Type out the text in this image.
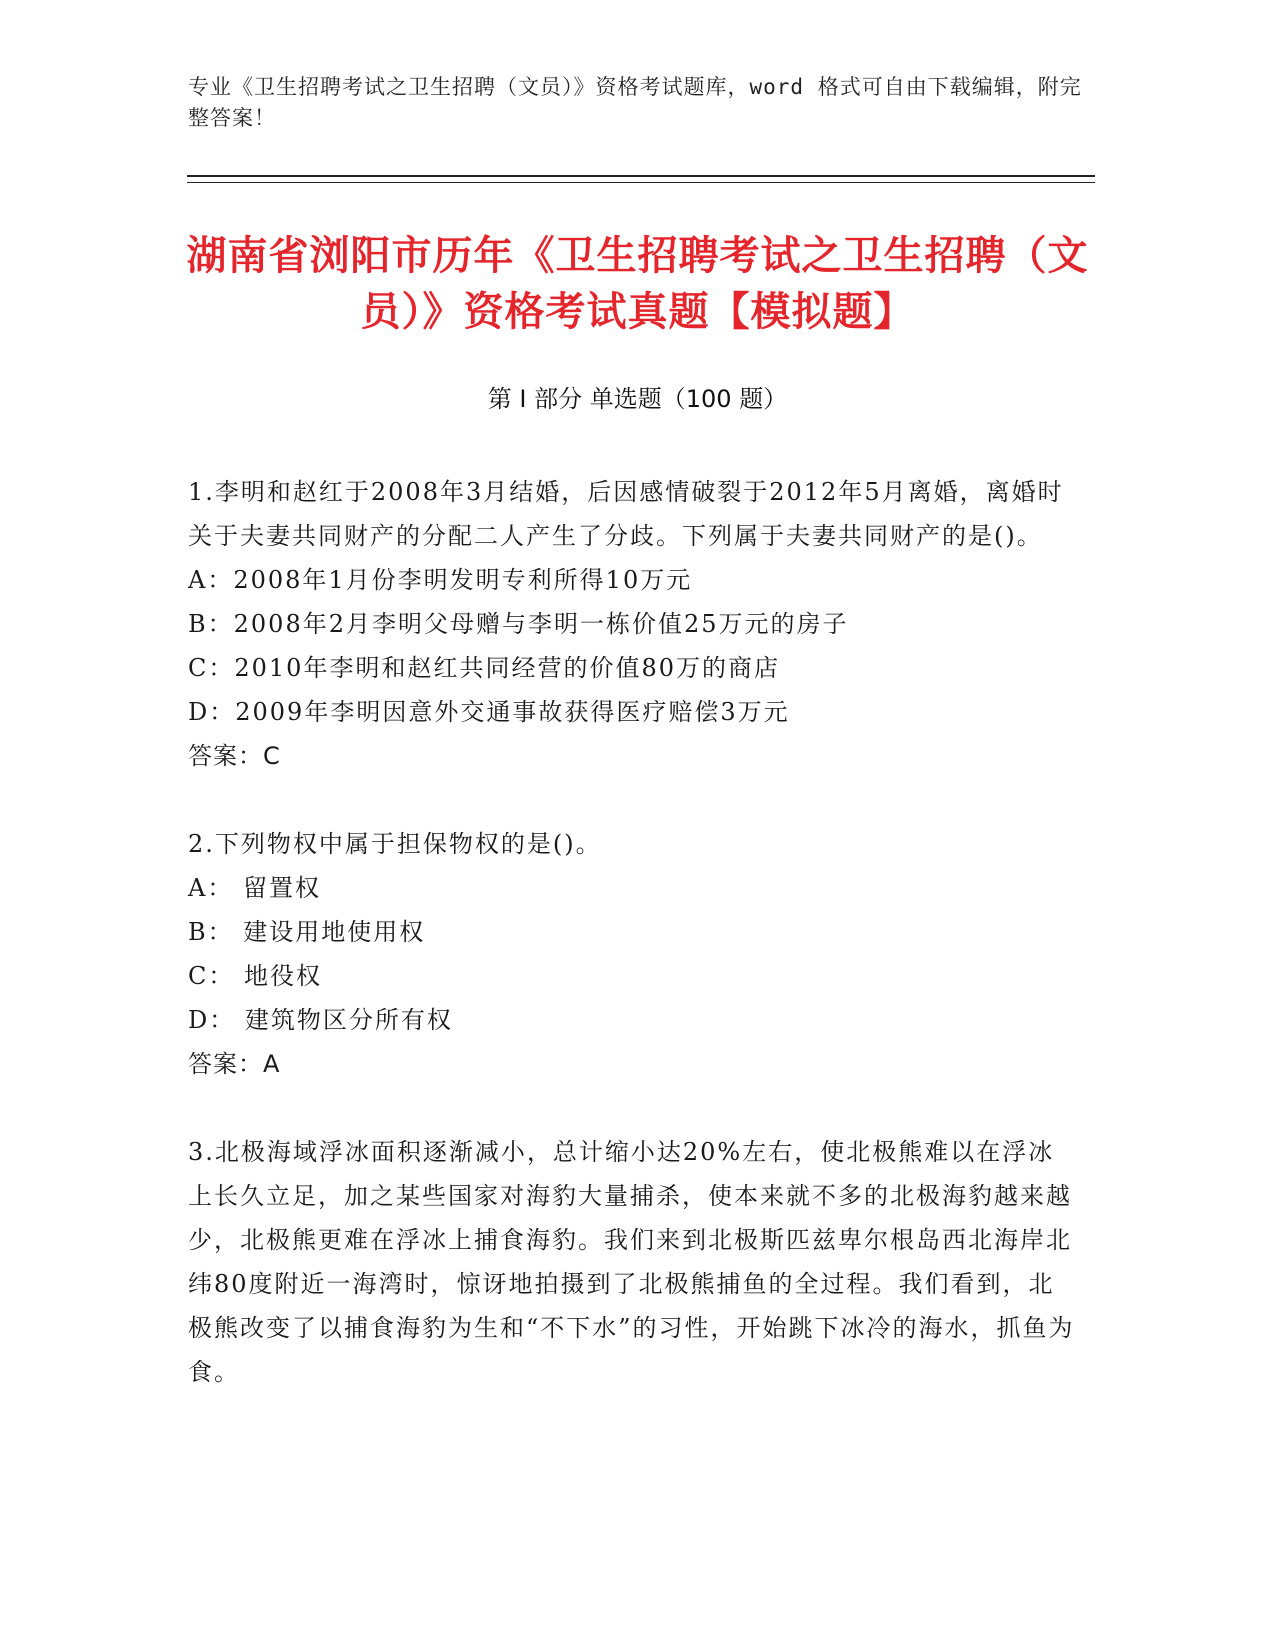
专业《卫生招聘考试之卫生招聘（文员）》资格考试题库，word 格式可自由下载编辑，附完整答案！
湖南省浏阳市历年《卫生招聘考试之卫生招聘（文员）》资格考试真题【模拟题】
第 I 部分 单选题（100 题）

1.李明和赵红于2008年3月结婚，后因感情破裂于2012年5月离婚，离婚时关于夫妻共同财产的分配二人产生了分歧。下列属于夫妻共同财产的是()。

A：2008年1月份李明发明专利所得10万元

B：2008年2月李明父母赠与李明一栋价值25万元的房子

C：2010年李明和赵红共同经营的价值80万的商店

D：2009年李明因意外交通事故获得医疗赔偿3万元

答案：C

2.下列物权中属于担保物权的是()。

A： 留置权

B： 建设用地使用权

C： 地役权

D： 建筑物区分所有权

答案：A

3.北极海域浮冰面积逐渐减小，总计缩小达20%左右，使北极熊难以在浮冰上长久立足，加之某些国家对海豹大量捕杀，使本来就不多的北极海豹越来越少，北极熊更难在浮冰上捕食海豹。我们来到北极斯匹兹卑尔根岛西北海岸北纬80度附近一海湾时，惊讶地拍摄到了北极熊捕鱼的全过程。我们看到，北极熊改变了以捕食海豹为生和“不下水”的习性，开始跳下冰冷的海水，抓鱼为食。
